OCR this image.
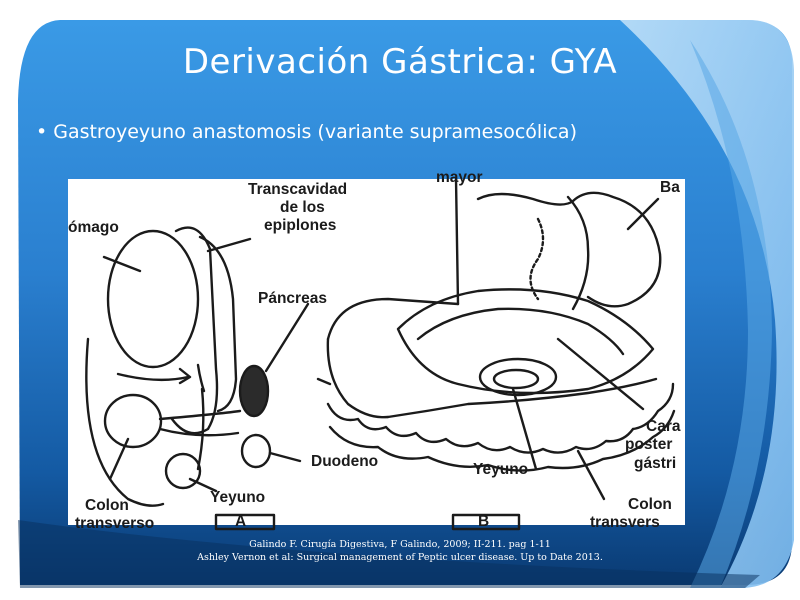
Derivación Gástrica: GYA
• Gastroyeyuno anastomosis (variante supramesocólica)
ómago
Transcavidad
de los
epiplones
Páncreas
Colon
transverso
Yeyuno
Duodeno	Yeyuno
Colon
transvers
mayor
Ba
Cara
poster
gástri
A	B
Galindo F. Cirugía Digestiva, F Galindo, 2009; II-211. pag 1-11
Ashley Vernon et al: Surgical management of Peptic ulcer disease. Up to Date 2013.
